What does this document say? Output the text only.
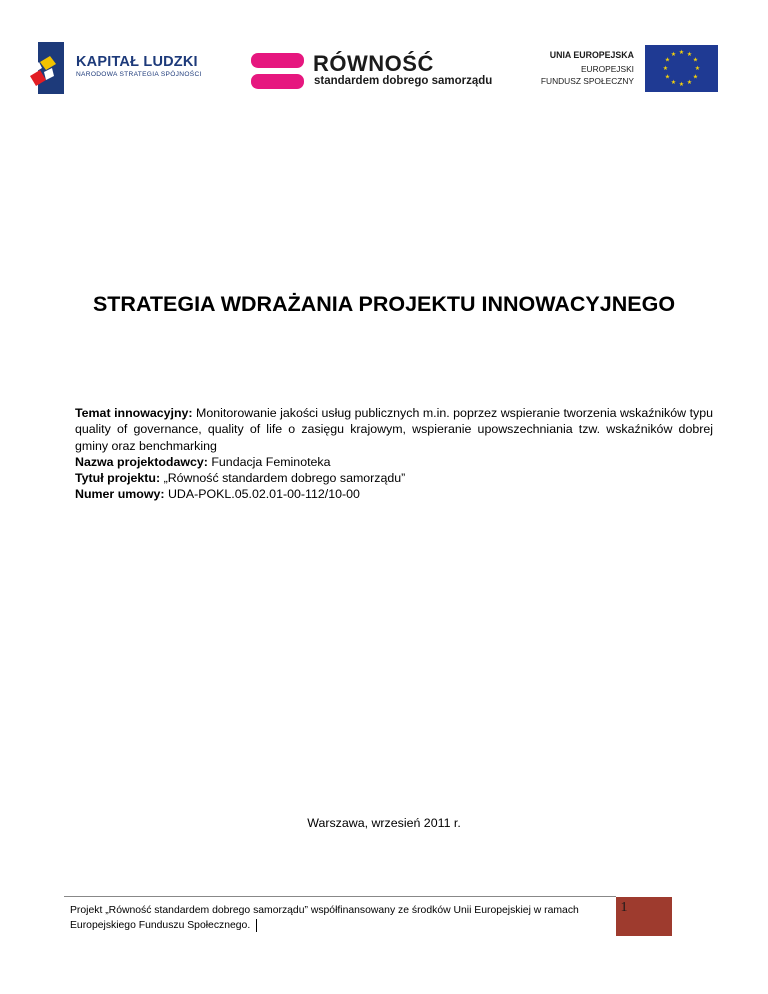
KAPITAŁ LUDZKI
NARODOWA STRATEGIA SPÓJNOŚCI	RÓWNOŚĆ
standardem dobrego samorządu
UNIA EUROPEJSKA
EUROPEJSKI
FUNDUSZ SPOŁECZNY
★ ★
★
★
★
★
★
★
★
★
★
★
STRATEGIA WDRAŻANIA PROJEKTU INNOWACYJNEGO

Temat innowacyjny: Monitorowanie jakości usług publicznych m.in. poprzez wspieranie tworzenia wskaźników typu quality of governance, quality of life o zasięgu krajowym, wspieranie upowszechniania tzw. wskaźników dobrej gminy oraz benchmarking

Nazwa projektodawcy: Fundacja Feminoteka

Tytuł projektu: „Równość standardem dobrego samorządu”

Numer umowy: UDA-POKL.05.02.01-00-112/10-00

Warszawa, wrzesień 2011 r.
Projekt „Równość standardem dobrego samorządu” współfinansowany ze środków Unii Europejskiej w ramach Europejskiego Funduszu Społecznego.
1
